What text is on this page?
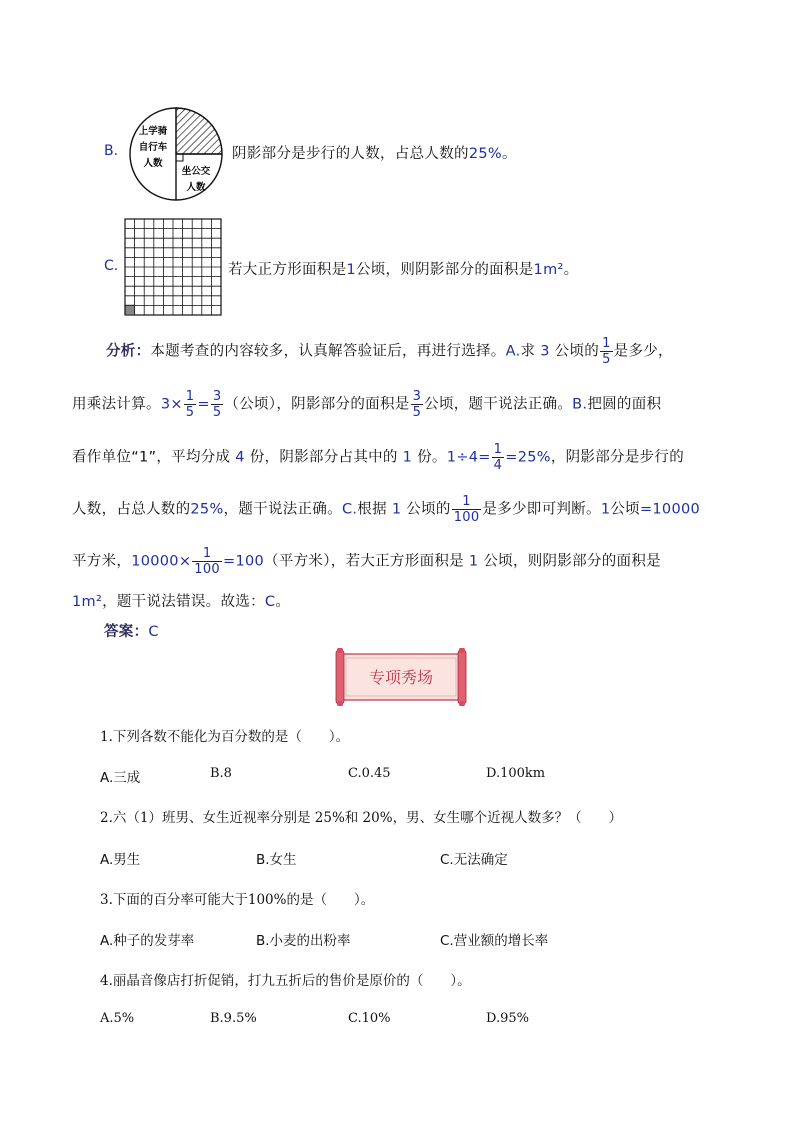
B.
上学骑
自行车
人数
坐公交
人数
阴影部分是步行的人数，占总人数的25%。
C.	若大正方形面积是1公顷，则阴影部分的面积是1m²。
分析：本题考查的内容较多，认真解答验证后，再进行选择。A.求 3 公顷的 $\frac{1}{5}$ 是多少，
用乘法计算。$3\times \frac{1}{5} = \frac{3}{5}$ （公顷），阴影部分的面积是 $\frac{3}{5}$ 公顷，题干说法正确。B.把圆的面积
看作单位“1”，平均分成 4 份，阴影部分占其中的 1 份。$1\div 4= \frac{1}{4} =25\%$，阴影部分是步行的
人数，占总人数的25%，题干说法正确。C.根据 1 公顷的 $\frac{1}{100}$ 是多少即可判断。1公顷=10000
平方米，$10000\times \frac{1}{100} =100$（平方米），若大正方形面积是 1 公顷，则阴影部分的面积是
1m²，题干说法错误。故选：C。
答案：C
专项秀场
1.下列各数不能化为百分数的是（　　）。
A.三成	B.8	C.0.45	D.100km
2.六（1）班男、女生近视率分别是 25%和 20%，男、女生哪个近视人数多？（　　）
A.男生	B.女生	C.无法确定
3.下面的百分率可能大于100%的是（　　）。
A.种子的发芽率	B.小麦的出粉率	C.营业额的增长率
4.丽晶音像店打折促销，打九五折后的售价是原价的（　　）。
A.5%	B.9.5%	C.10%	D.95%
